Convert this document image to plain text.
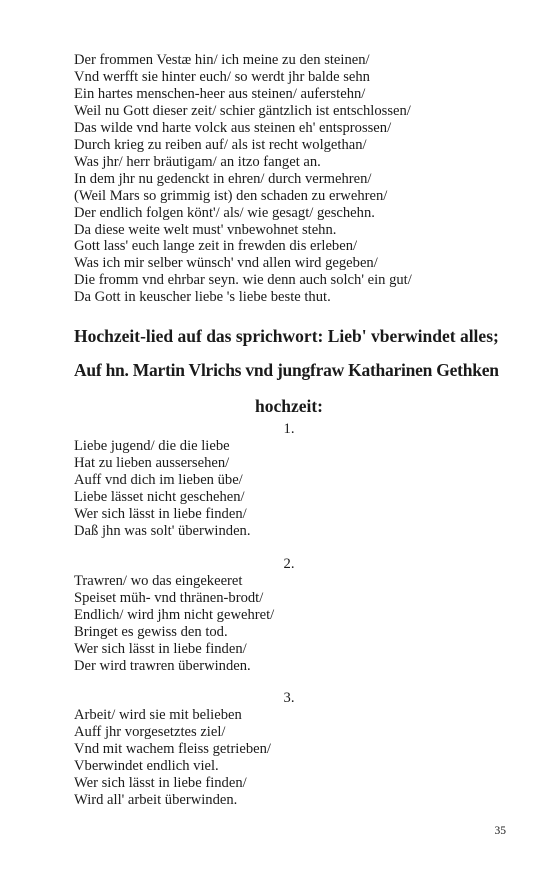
Der frommen Vestæ hin/ ich meine zu den steinen/
Vnd werfft sie hinter euch/ so werdt jhr balde sehn
Ein hartes menschen-heer aus steinen/ auferstehn/
Weil nu Gott dieser zeit/ schier gäntzlich ist entschlossen/
Das wilde vnd harte volck aus steinen eh' entsprossen/
Durch krieg zu reiben auf/ als ist recht wolgethan/
Was jhr/ herr bräutigam/ an itzo fanget an.
In dem jhr nu gedenckt in ehren/ durch vermehren/
(Weil Mars so grimmig ist) den schaden zu erwehren/
Der endlich folgen könt'/ als/ wie gesagt/ geschehn.
Da diese weite welt must' vnbewohnet stehn.
Gott lass' euch lange zeit in frewden dis erleben/
Was ich mir selber wünsch' vnd allen wird gegeben/
Die fromm vnd ehrbar seyn. wie denn auch solch' ein gut/
Da Gott in keuscher liebe 's liebe beste thut.
Hochzeit-lied auf das sprichwort: Lieb' vberwindet alles;
Auf hn. Martin Vlrichs vnd jungfraw Katharinen Gethken
hochzeit:
1.
Liebe jugend/ die die liebe
Hat zu lieben aussersehen/
Auff vnd dich im lieben übe/
Liebe lässet nicht geschehen/
Wer sich lässt in liebe finden/
Daß jhn was solt' überwinden.
2.
Trawren/ wo das eingekeeret
Speiset müh- vnd thränen-brodt/
Endlich/ wird jhm nicht gewehret/
Bringet es gewiss den tod.
Wer sich lässt in liebe finden/
Der wird trawren überwinden.
3.
Arbeit/ wird sie mit belieben
Auff jhr vorgesetztes ziel/
Vnd mit wachem fleiss getrieben/
Vberwindet endlich viel.
Wer sich lässt in liebe finden/
Wird all' arbeit überwinden.
35
